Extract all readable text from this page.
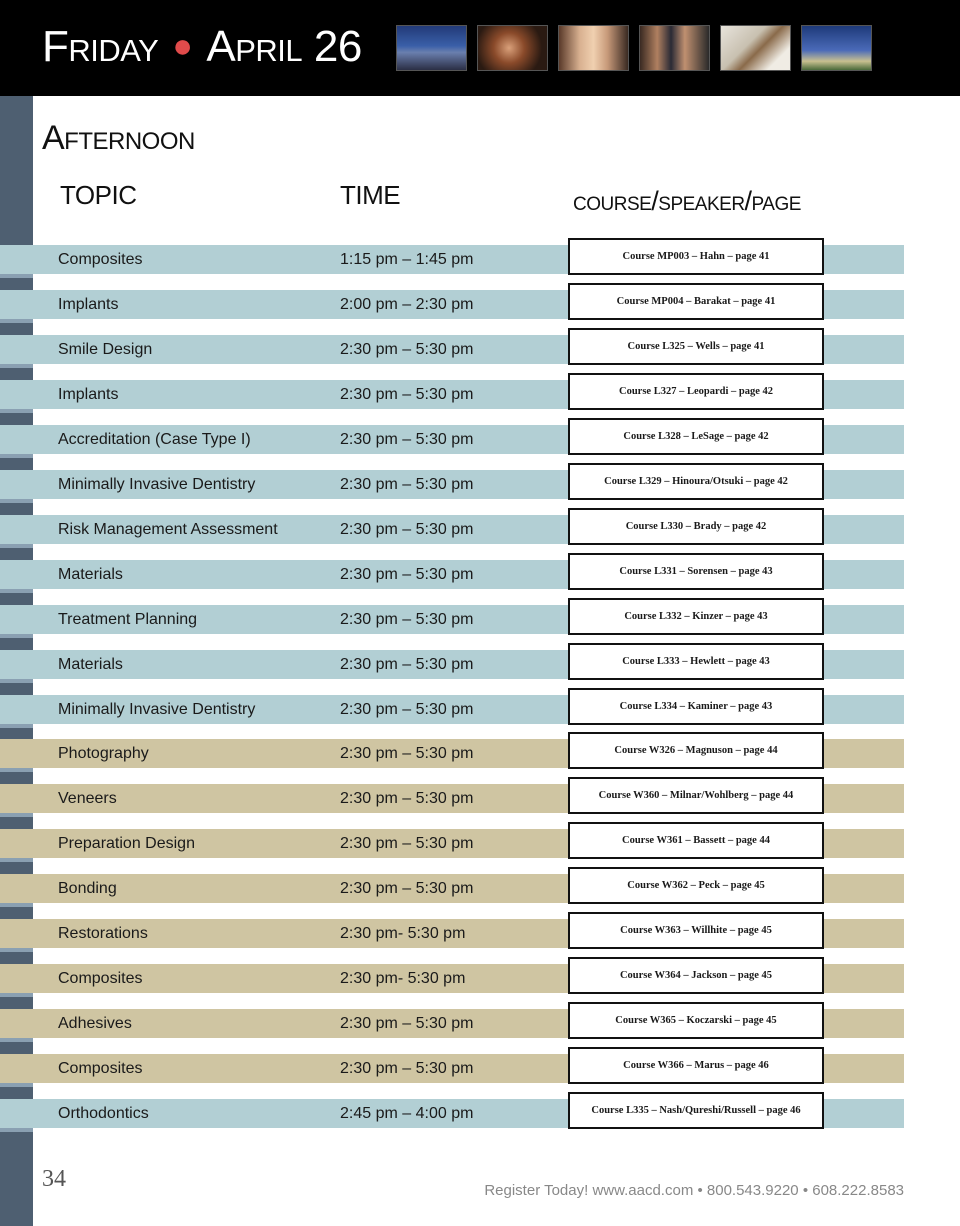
Friday ● April 26
Afternoon
TOPIC	TIME	course/speaker/page
Composites	1:15 pm – 1:45 pm	Course MP003 – Hahn – page 41
Implants	2:00 pm – 2:30 pm	Course MP004 – Barakat – page 41
Smile Design	2:30 pm – 5:30 pm	Course L325 – Wells – page 41
Implants	2:30 pm – 5:30 pm	Course L327 – Leopardi – page 42
Accreditation (Case Type I)	2:30 pm – 5:30 pm	Course L328 – LeSage – page 42
Minimally Invasive Dentistry	2:30 pm – 5:30 pm	Course L329 – Hinoura/Otsuki – page 42
Risk Management Assessment	2:30 pm – 5:30 pm	Course L330 – Brady – page 42
Materials	2:30 pm – 5:30 pm	Course L331 – Sorensen – page 43
Treatment Planning	2:30 pm – 5:30 pm	Course L332 – Kinzer – page 43
Materials	2:30 pm – 5:30 pm	Course L333 – Hewlett – page 43
Minimally Invasive Dentistry	2:30 pm – 5:30 pm	Course L334 – Kaminer – page 43
Photography	2:30 pm – 5:30 pm	Course W326 – Magnuson – page 44
Veneers	2:30 pm – 5:30 pm	Course W360 – Milnar/Wohlberg – page 44
Preparation Design	2:30 pm – 5:30 pm	Course W361 – Bassett – page 44
Bonding	2:30 pm – 5:30 pm	Course W362 – Peck – page 45
Restorations	2:30 pm- 5:30 pm	Course W363 – Willhite – page 45
Composites	2:30 pm- 5:30 pm	Course W364 – Jackson – page 45
Adhesives	2:30 pm – 5:30 pm	Course W365 – Koczarski – page 45
Composites	2:30 pm – 5:30 pm	Course W366 – Marus – page 46
Orthodontics	2:45 pm – 4:00 pm	Course L335 – Nash/Qureshi/Russell – page 46
34	Register Today! www.aacd.com • 800.543.9220 • 608.222.8583
